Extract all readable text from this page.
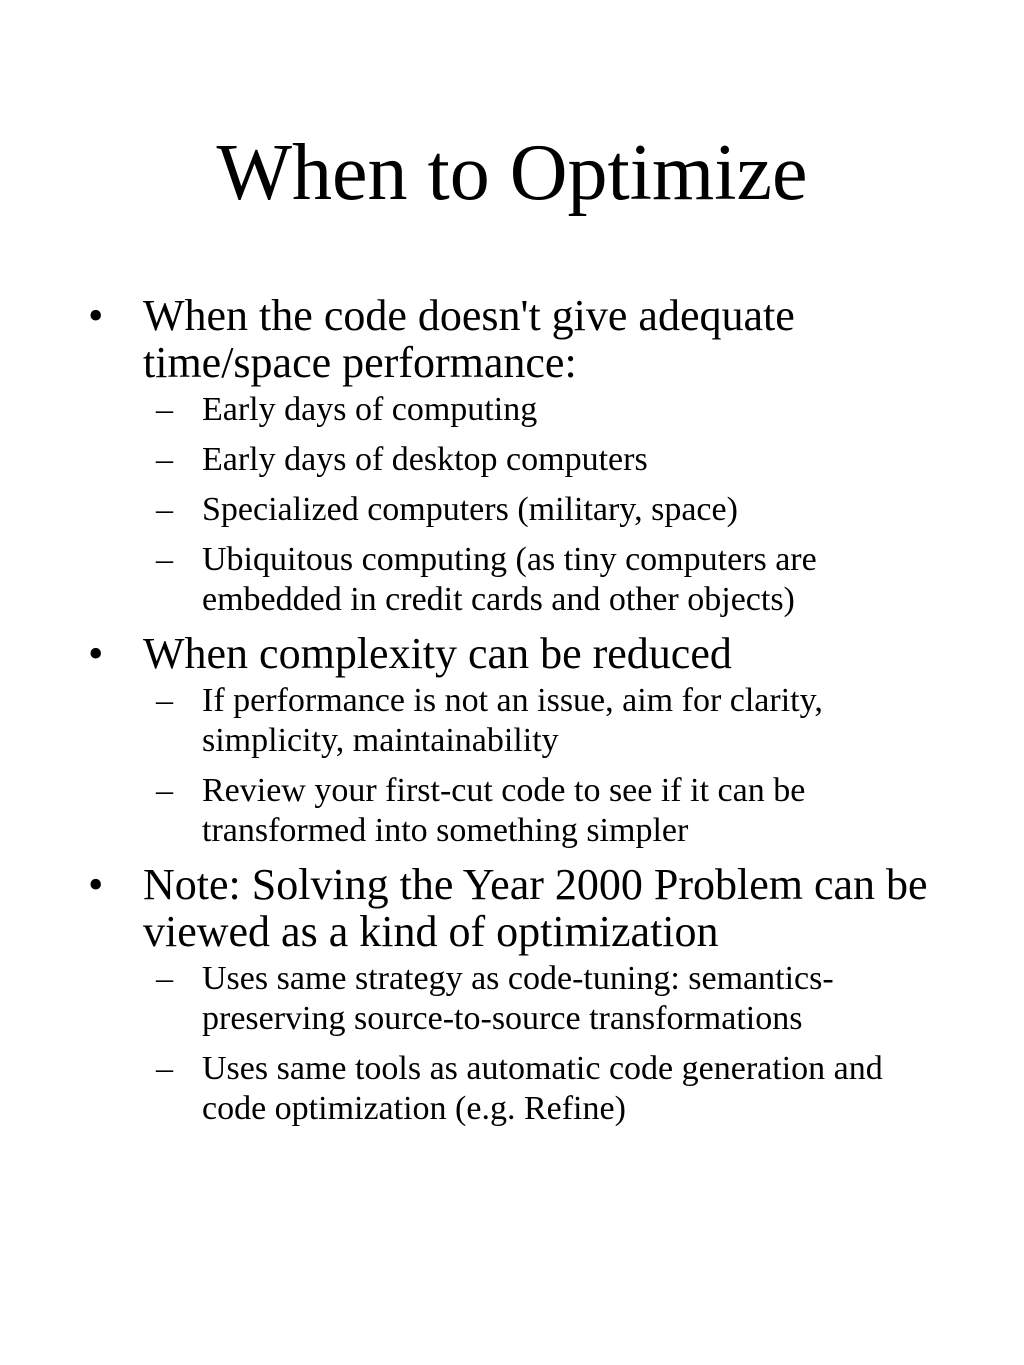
When to Optimize
• When the code doesn't give adequate time/space performance:
– Early days of computing
– Early days of desktop computers
– Specialized computers (military, space)
– Ubiquitous computing (as tiny computers are embedded in credit cards and other objects)
• When complexity can be reduced
– If performance is not an issue, aim for clarity, simplicity, maintainability
– Review your first-cut code to see if it can be transformed into something simpler
• Note: Solving the Year 2000 Problem can be viewed as a kind of optimization
– Uses same strategy as code-tuning: semantics-preserving source-to-source transformations
– Uses same tools as automatic code generation and code optimization (e.g. Refine)
